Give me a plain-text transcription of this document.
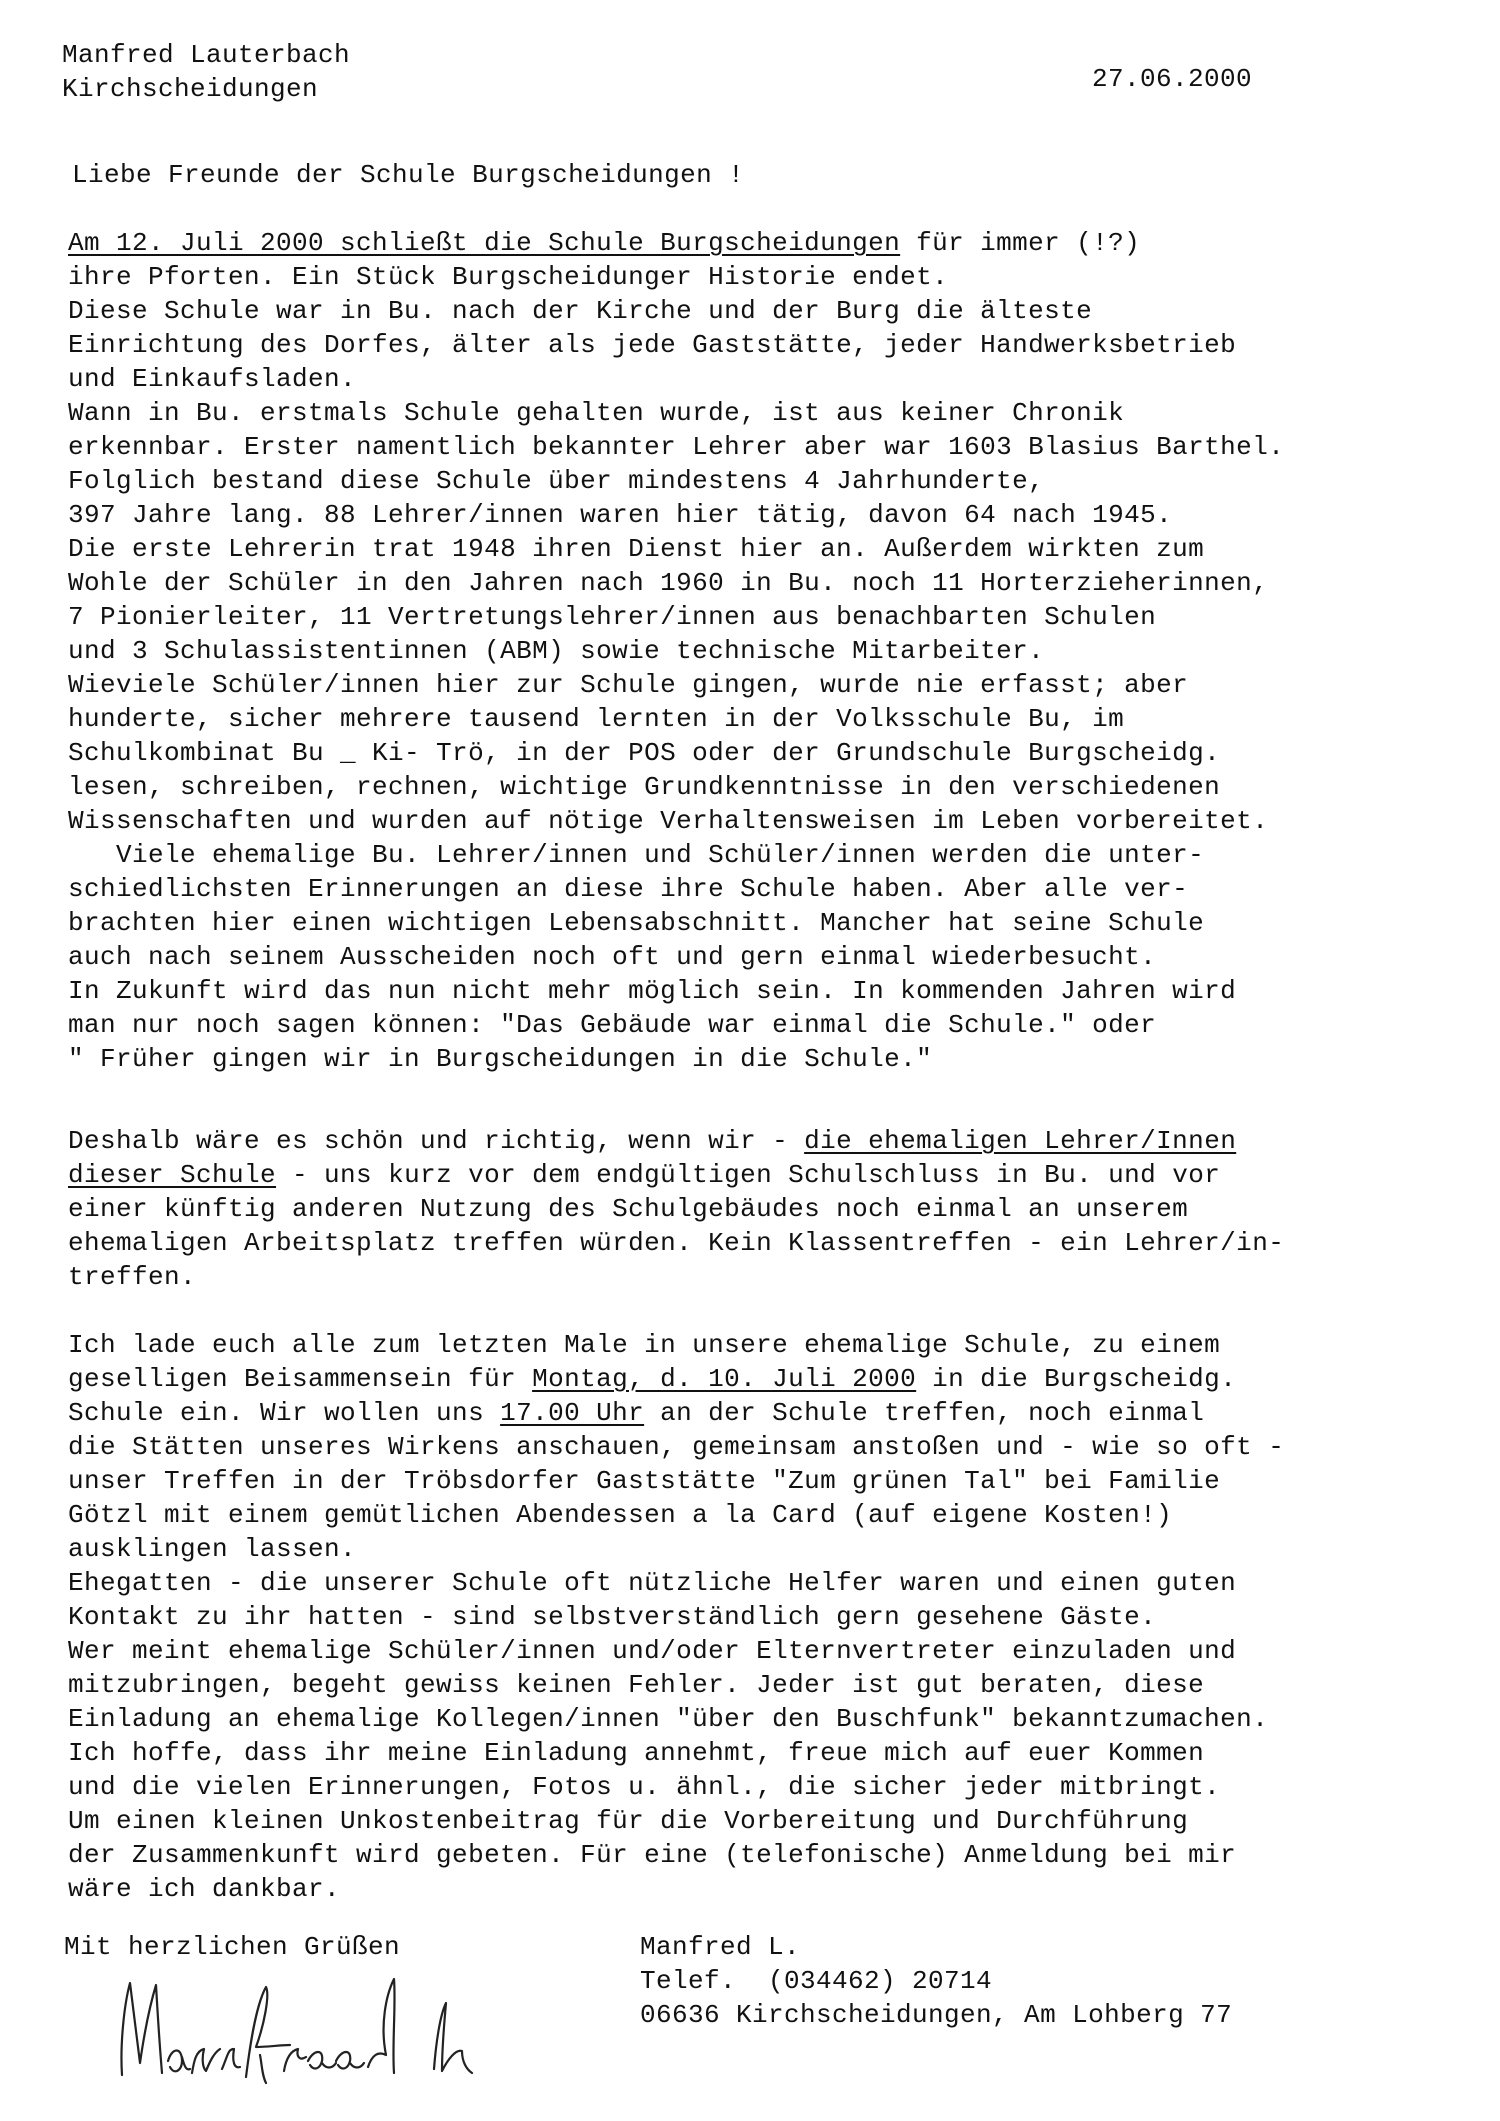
Manfred Lauterbach
Kirchscheidungen	27.06.2000
Liebe Freunde der Schule Burgscheidungen !
Am 12. Juli 2000 schließt die Schule Burgscheidungen für immer (!?)
ihre Pforten. Ein Stück Burgscheidunger Historie endet.
Diese Schule war in Bu. nach der Kirche und der Burg die älteste
Einrichtung des Dorfes, älter als jede Gaststätte, jeder Handwerksbetrieb
und Einkaufsladen.
Wann in Bu. erstmals Schule gehalten wurde, ist aus keiner Chronik
erkennbar. Erster namentlich bekannter Lehrer aber war 1603 Blasius Barthel.
Folglich bestand diese Schule über mindestens 4 Jahrhunderte,
397 Jahre lang. 88 Lehrer/innen waren hier tätig, davon 64 nach 1945.
Die erste Lehrerin trat 1948 ihren Dienst hier an. Außerdem wirkten zum
Wohle der Schüler in den Jahren nach 1960 in Bu. noch 11 Horterzieherinnen,
7 Pionierleiter, 11 Vertretungslehrer/innen aus benachbarten Schulen
und 3 Schulassistentinnen (ABM) sowie technische Mitarbeiter.
Wieviele Schüler/innen hier zur Schule gingen, wurde nie erfasst; aber
hunderte, sicher mehrere tausend lernten in der Volksschule Bu, im
Schulkombinat Bu _ Ki- Trö, in der POS oder der Grundschule Burgscheidg.
lesen, schreiben, rechnen, wichtige Grundkenntnisse in den verschiedenen
Wissenschaften und wurden auf nötige Verhaltensweisen im Leben vorbereitet.
Viele ehemalige Bu. Lehrer/innen und Schüler/innen werden die unter-
schiedlichsten Erinnerungen an diese ihre Schule haben. Aber alle ver-
brachten hier einen wichtigen Lebensabschnitt. Mancher hat seine Schule
auch nach seinem Ausscheiden noch oft und gern einmal wiederbesucht.
In Zukunft wird das nun nicht mehr möglich sein. In kommenden Jahren wird
man nur noch sagen können: "Das Gebäude war einmal die Schule." oder
" Früher gingen wir in Burgscheidungen in die Schule."
Deshalb wäre es schön und richtig, wenn wir - die ehemaligen Lehrer/Innen
dieser Schule - uns kurz vor dem endgültigen Schulschluss in Bu. und vor
einer künftig anderen Nutzung des Schulgebäudes noch einmal an unserem
ehemaligen Arbeitsplatz treffen würden. Kein Klassentreffen - ein Lehrer/in-
treffen.
Ich lade euch alle zum letzten Male in unsere ehemalige Schule, zu einem
geselligen Beisammensein für Montag, d. 10. Juli 2000 in die Burgscheidg.
Schule ein. Wir wollen uns 17.00 Uhr an der Schule treffen, noch einmal
die Stätten unseres Wirkens anschauen, gemeinsam anstoßen und - wie so oft -
unser Treffen in der Tröbsdorfer Gaststätte "Zum grünen Tal" bei Familie
Götzl mit einem gemütlichen Abendessen a la Card (auf eigene Kosten!)
ausklingen lassen.
Ehegatten - die unserer Schule oft nützliche Helfer waren und einen guten
Kontakt zu ihr hatten - sind selbstverständlich gern gesehene Gäste.
Wer meint ehemalige Schüler/innen und/oder Elternvertreter einzuladen und
mitzubringen, begeht gewiss keinen Fehler. Jeder ist gut beraten, diese
Einladung an ehemalige Kollegen/innen "über den Buschfunk" bekanntzumachen.
Ich hoffe, dass ihr meine Einladung annehmt, freue mich auf euer Kommen
und die vielen Erinnerungen, Fotos u. ähnl., die sicher jeder mitbringt.
Um einen kleinen Unkostenbeitrag für die Vorbereitung und Durchführung
der Zusammenkunft wird gebeten. Für eine (telefonische) Anmeldung bei mir
wäre ich dankbar.
Mit herzlichen Grüßen	Manfred L.
Telef.  (034462) 20714
06636 Kirchscheidungen, Am Lohberg 77
